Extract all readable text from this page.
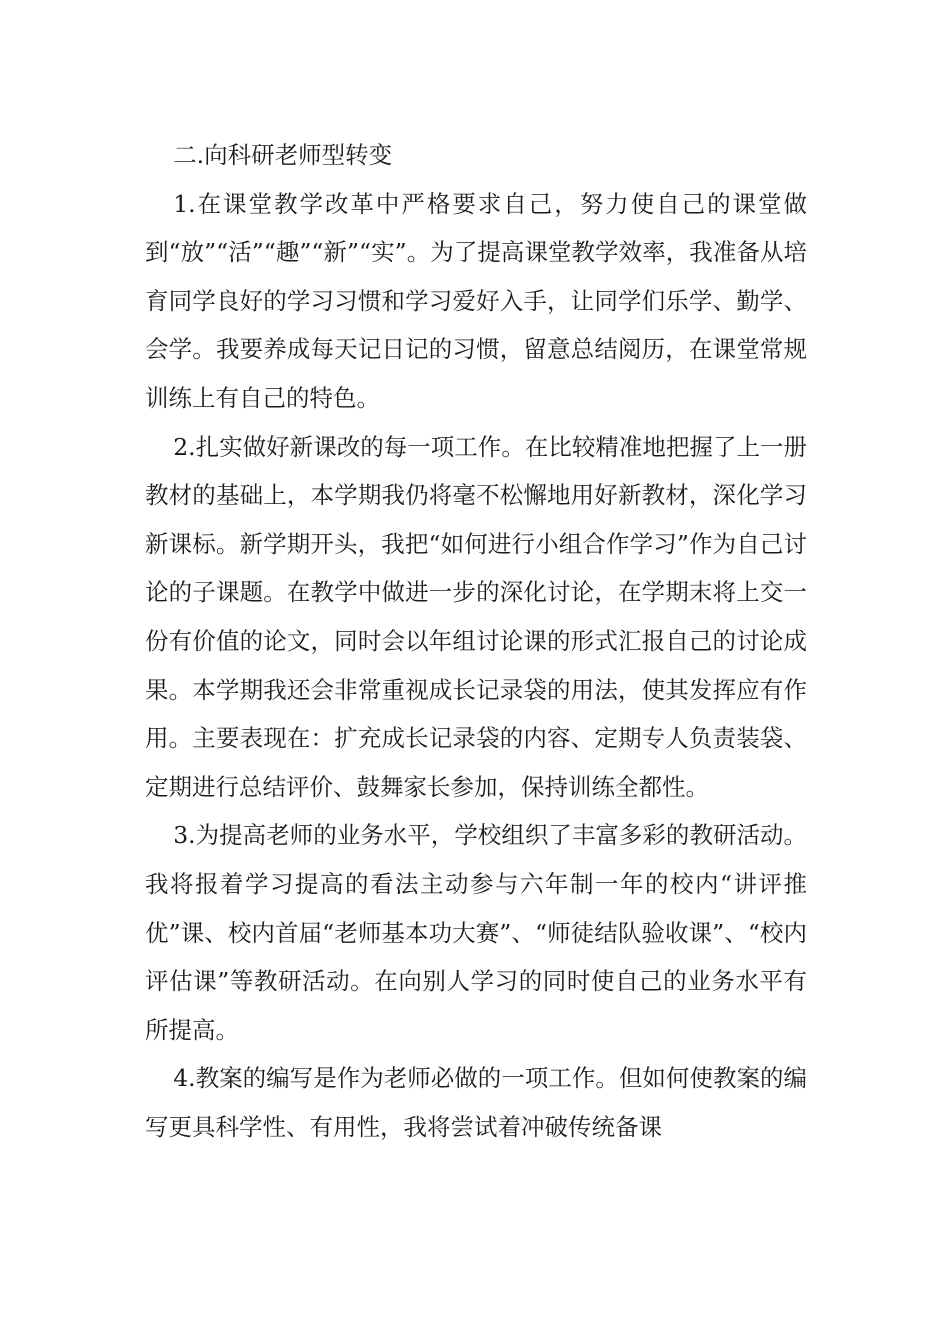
二.向科研老师型转变

1.在课堂教学改革中严格要求自己，努力使自己的课堂做到“放”“活”“趣”“新”“实”。为了提高课堂教学效率，我准备从培育同学良好的学习习惯和学习爱好入手，让同学们乐学、勤学、会学。我要养成每天记日记的习惯，留意总结阅历，在课堂常规训练上有自己的特色。

2.扎实做好新课改的每一项工作。在比较精准地把握了上一册教材的基础上，本学期我仍将毫不松懈地用好新教材，深化学习新课标。新学期开头，我把“如何进行小组合作学习”作为自己讨论的子课题。在教学中做进一步的深化讨论，在学期末将上交一份有价值的论文，同时会以年组讨论课的形式汇报自己的讨论成果。本学期我还会非常重视成长记录袋的用法，使其发挥应有作用。主要表现在：扩充成长记录袋的内容、定期专人负责装袋、定期进行总结评价、鼓舞家长参加，保持训练全都性。

3.为提高老师的业务水平，学校组织了丰富多彩的教研活动。我将报着学习提高的看法主动参与六年制一年的校内“讲评推优”课、校内首届“老师基本功大赛”、“师徒结队验收课”、“校内评估课”等教研活动。在向别人学习的同时使自己的业务水平有所提高。

4.教案的编写是作为老师必做的一项工作。但如何使教案的编写更具科学性、有用性，我将尝试着冲破传统备课
